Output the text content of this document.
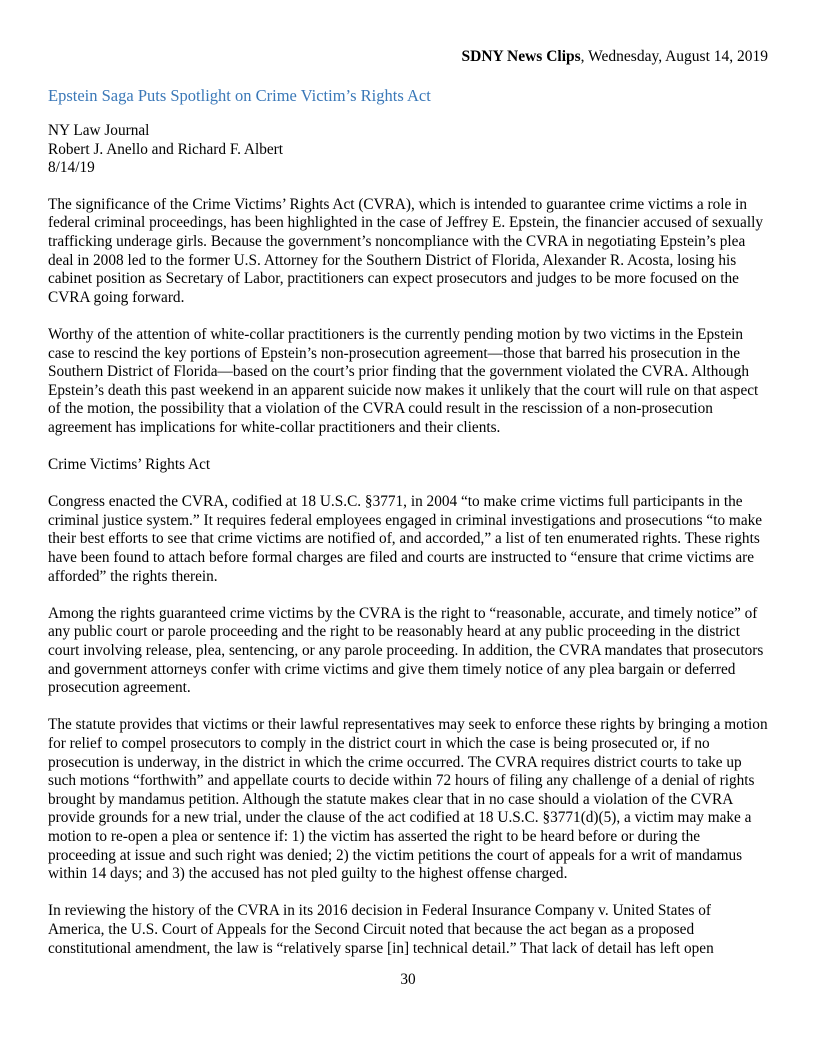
SDNY News Clips, Wednesday, August 14, 2019
Epstein Saga Puts Spotlight on Crime Victim’s Rights Act
NY Law Journal
Robert J. Anello and Richard F. Albert
8/14/19

The significance of the Crime Victims’ Rights Act (CVRA), which is intended to guarantee crime victims a role in federal criminal proceedings, has been highlighted in the case of Jeffrey E. Epstein, the financier accused of sexually trafficking underage girls. Because the government’s noncompliance with the CVRA in negotiating Epstein’s plea deal in 2008 led to the former U.S. Attorney for the Southern District of Florida, Alexander R. Acosta, losing his cabinet position as Secretary of Labor, practitioners can expect prosecutors and judges to be more focused on the CVRA going forward.

Worthy of the attention of white-collar practitioners is the currently pending motion by two victims in the Epstein case to rescind the key portions of Epstein’s non-prosecution agreement—those that barred his prosecution in the Southern District of Florida—based on the court’s prior finding that the government violated the CVRA. Although Epstein’s death this past weekend in an apparent suicide now makes it unlikely that the court will rule on that aspect of the motion, the possibility that a violation of the CVRA could result in the rescission of a non-prosecution agreement has implications for white-collar practitioners and their clients.

Crime Victims’ Rights Act

Congress enacted the CVRA, codified at 18 U.S.C. §3771, in 2004 “to make crime victims full participants in the criminal justice system.” It requires federal employees engaged in criminal investigations and prosecutions “to make their best efforts to see that crime victims are notified of, and accorded,” a list of ten enumerated rights. These rights have been found to attach before formal charges are filed and courts are instructed to “ensure that crime victims are afforded” the rights therein.

Among the rights guaranteed crime victims by the CVRA is the right to “reasonable, accurate, and timely notice” of any public court or parole proceeding and the right to be reasonably heard at any public proceeding in the district court involving release, plea, sentencing, or any parole proceeding. In addition, the CVRA mandates that prosecutors and government attorneys confer with crime victims and give them timely notice of any plea bargain or deferred prosecution agreement.

The statute provides that victims or their lawful representatives may seek to enforce these rights by bringing a motion for relief to compel prosecutors to comply in the district court in which the case is being prosecuted or, if no prosecution is underway, in the district in which the crime occurred. The CVRA requires district courts to take up such motions “forthwith” and appellate courts to decide within 72 hours of filing any challenge of a denial of rights brought by mandamus petition. Although the statute makes clear that in no case should a violation of the CVRA provide grounds for a new trial, under the clause of the act codified at 18 U.S.C. §3771(d)(5), a victim may make a motion to re-open a plea or sentence if: 1) the victim has asserted the right to be heard before or during the proceeding at issue and such right was denied; 2) the victim petitions the court of appeals for a writ of mandamus within 14 days; and 3) the accused has not pled guilty to the highest offense charged.

In reviewing the history of the CVRA in its 2016 decision in Federal Insurance Company v. United States of America, the U.S. Court of Appeals for the Second Circuit noted that because the act began as a proposed constitutional amendment, the law is “relatively sparse [in] technical detail.” That lack of detail has left open

30
